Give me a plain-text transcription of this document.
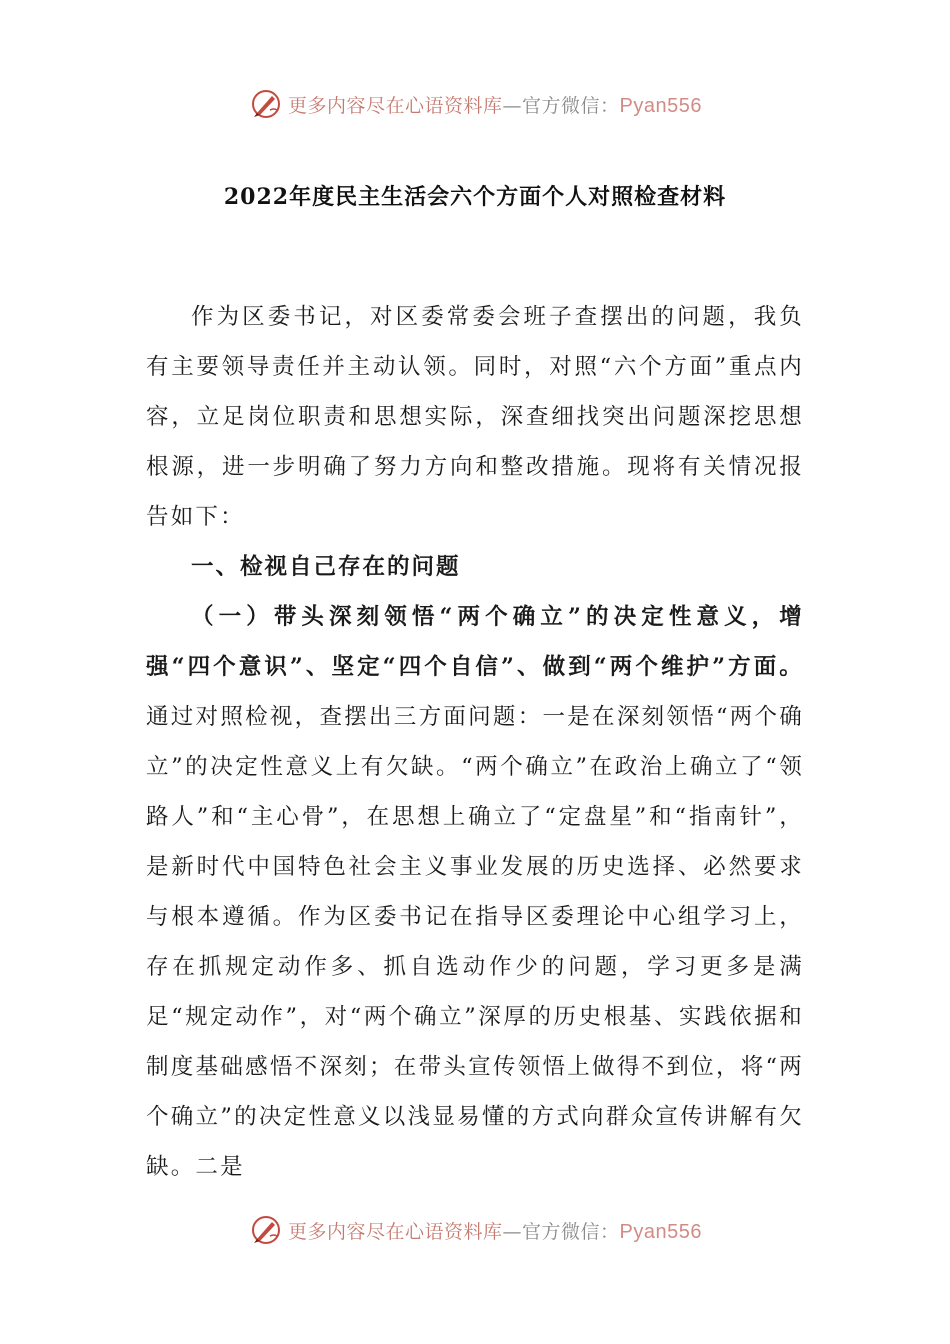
更多内容尽在心语资料库—官方微信：Pyan556
2022年度民主生活会六个方面个人对照检查材料

作为区委书记，对区委常委会班子查摆出的问题，我负有主要领导责任并主动认领。同时，对照“六个方面”重点内容，立足岗位职责和思想实际，深查细找突出问题深挖思想根源，进一步明确了努力方向和整改措施。现将有关情况报告如下：

一、检视自己存在的问题

（一）带头深刻领悟“两个确立”的决定性意义，增强“四个意识”、坚定“四个自信”、做到“两个维护”方面。通过对照检视，查摆出三方面问题：一是在深刻领悟“两个确立”的决定性意义上有欠缺。“两个确立”在政治上确立了“领路人”和“主心骨”，在思想上确立了“定盘星”和“指南针”，是新时代中国特色社会主义事业发展的历史选择、必然要求与根本遵循。作为区委书记在指导区委理论中心组学习上，存在抓规定动作多、抓自选动作少的问题，学习更多是满足“规定动作”，对“两个确立”深厚的历史根基、实践依据和制度基础感悟不深刻；在带头宣传领悟上做得不到位，将“两个确立”的决定性意义以浅显易懂的方式向群众宣传讲解有欠缺。二是

更多内容尽在心语资料库—官方微信：Pyan556
